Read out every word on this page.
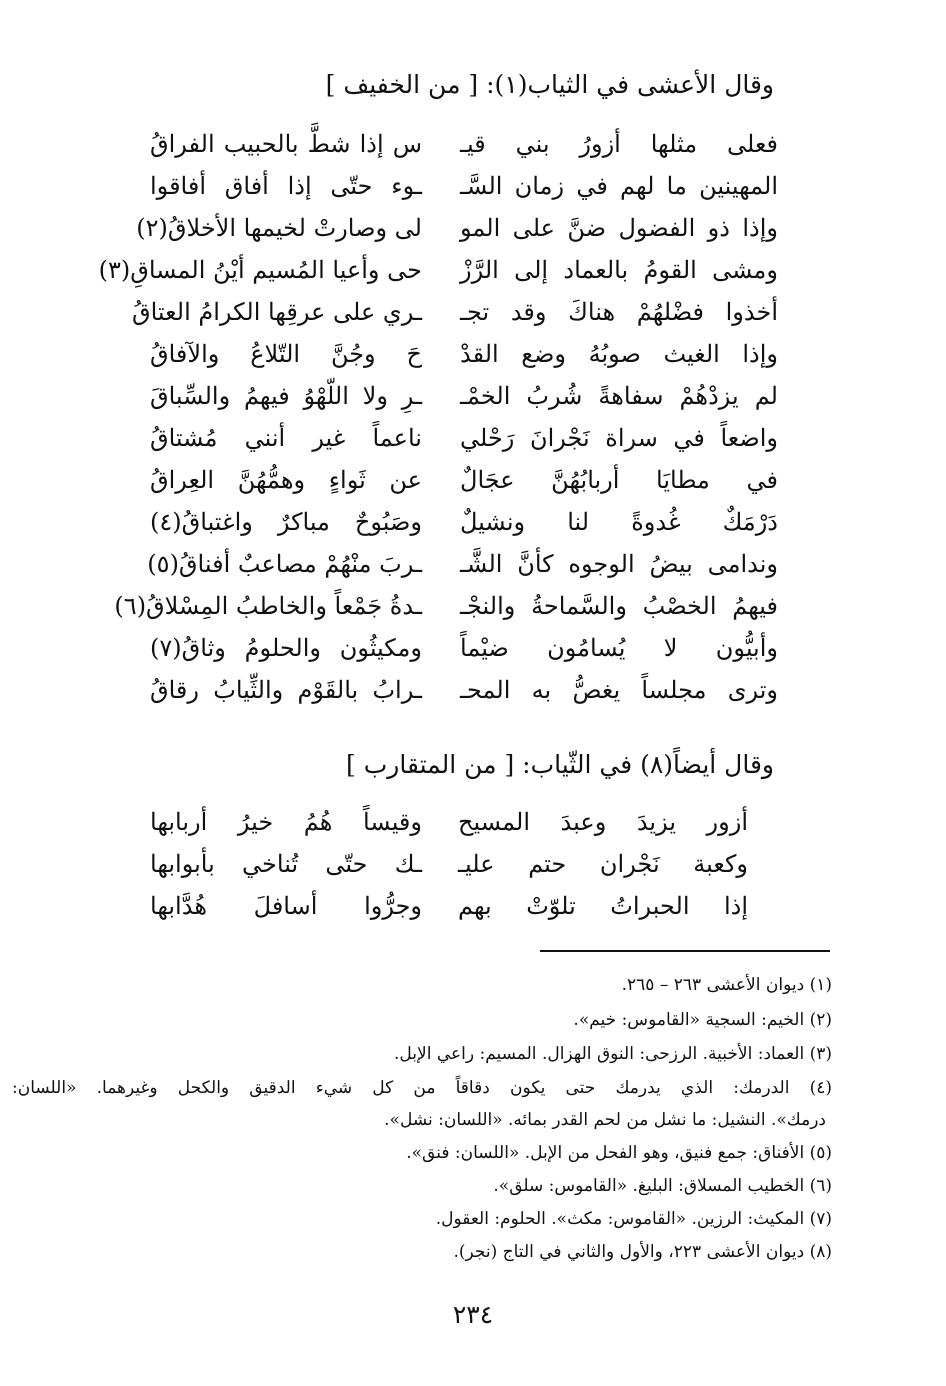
وقال الأعشى في الثياب(١): [ من الخفيف ]
فعلى مثلها أزورُ بني قيـ
س إذا شطَّ بالحبيب الفراقُ
المهينين ما لهم في زمان السَّـ
ـوء حتّى إذا أفاق أفاقوا
وإذا ذو الفضول ضنَّ على المو
لى وصارتْ لخيمها الأخلاقُ(٢)
ومشى القومُ بالعماد إلى الرَّزْ
حى وأعيا المُسيم أيْنُ المساقِ(٣)
أخذوا فضْلهُمْ هناكَ وقد تجـ
ـري على عرقِها الكرامُ العتاقُ
وإذا الغيث صوبُهُ وضع القدْ
حَ وجُنَّ التّلاعُ والآفاقُ
لم يزدْهُمْ سفاهةً شُربُ الخمْـ
ـرِ ولا اللّهْوُ فيهمُ والسِّباقَ
واضعاً في سراة نَجْرانَ رَحْلي
ناعماً غير أنني مُشتاقُ
في مطايَا أربابُهُنَّ عجَالٌ
عن ثَواءٍ وهمُّهُنَّ العِراقُ
دَرْمَكٌ غُدوةً لنا ونشيلٌ
وصَبُوحٌ مباكرٌ واغتباقُ(٤)
وندامى بيضُ الوجوه كأنَّ الشَّـ
ـربَ منْهُمْ مصاعبٌ أفناقُ(٥)
فيهمُ الخصْبُ والسَّماحةُ والنجْـ
ـدةُ جَمْعاً والخاطبُ المِسْلاقُ(٦)
وأبيُّون لا يُسامُون ضيْماً
ومكيثُون والحلومُ وثاقُ(٧)
وترى مجلساً يغصُّ به المحـ
ـرابُ بالقَوْم والثِّيابُ رقاقُ
وقال أيضاً(٨) في الثّياب: [ من المتقارب ]
أزور يزيدَ وعبدَ المسيح
وقيساً هُمُ خيرُ أربابها
وكعبة نَجْران حتم عليـ
ـك حتّى تُناخي بأبوابها
إذا الحبراتُ تلوّتْ بهم
وجرُّوا أسافلَ هُدَّابها
(١) ديوان الأعشى ٢٦٣ – ٢٦٥.
(٢) الخيم: السجية «القاموس: خيم».
(٣) العماد: الأخبية. الرزحى: النوق الهزال. المسيم: راعي الإبل.
(٤) الدرمك: الذي يدرمك حتى يكون دقاقاً من كل شيء الدقيق والكحل وغيرهما. «اللسان:
درمك». النشيل: ما نشل من لحم القدر بمائه. «اللسان: نشل».
(٥) الأفناق: جمع فنيق، وهو الفحل من الإبل. «اللسان: فنق».
(٦) الخطيب المسلاق: البليغ. «القاموس: سلق».
(٧) المكيث: الرزين. «القاموس: مكث». الحلوم: العقول.
(٨) ديوان الأعشى ٢٢٣، والأول والثاني في التاج (نجر).
٢٣٤
